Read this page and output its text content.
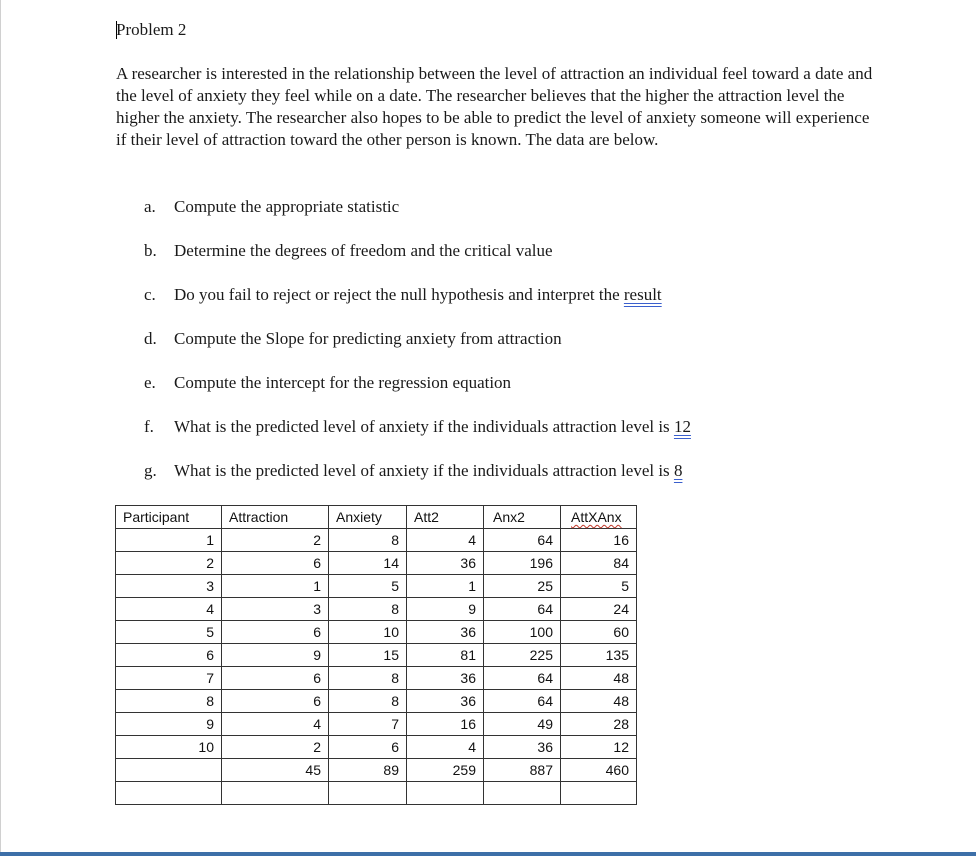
Problem 2

A researcher is interested in the relationship between the level of attraction an individual feel toward a date and the level of anxiety they feel while on a date. The researcher believes that the higher the attraction level the higher the anxiety. The researcher also hopes to be able to predict the level of anxiety someone will experience if their level of attraction toward the other person is known. The data are below.

a. Compute the appropriate statistic
b. Determine the degrees of freedom and the critical value
c. Do you fail to reject or reject the null hypothesis and interpret the result
d. Compute the Slope for predicting anxiety from attraction
e. Compute the intercept for the regression equation
f. What is the predicted level of anxiety if the individuals attraction level is 12
g. What is the predicted level of anxiety if the individuals attraction level is 8
Participant	Attraction	Anxiety	Att2	Anx2	AttXAnx
1	2	8	4	64	16
2	6	14	36	196	84
3	1	5	1	25	5
4	3	8	9	64	24
5	6	10	36	100	60
6	9	15	81	225	135
7	6	8	36	64	48
8	6	8	36	64	48
9	4	7	16	49	28
10	2	6	4	36	12
	45	89	259	887	460
